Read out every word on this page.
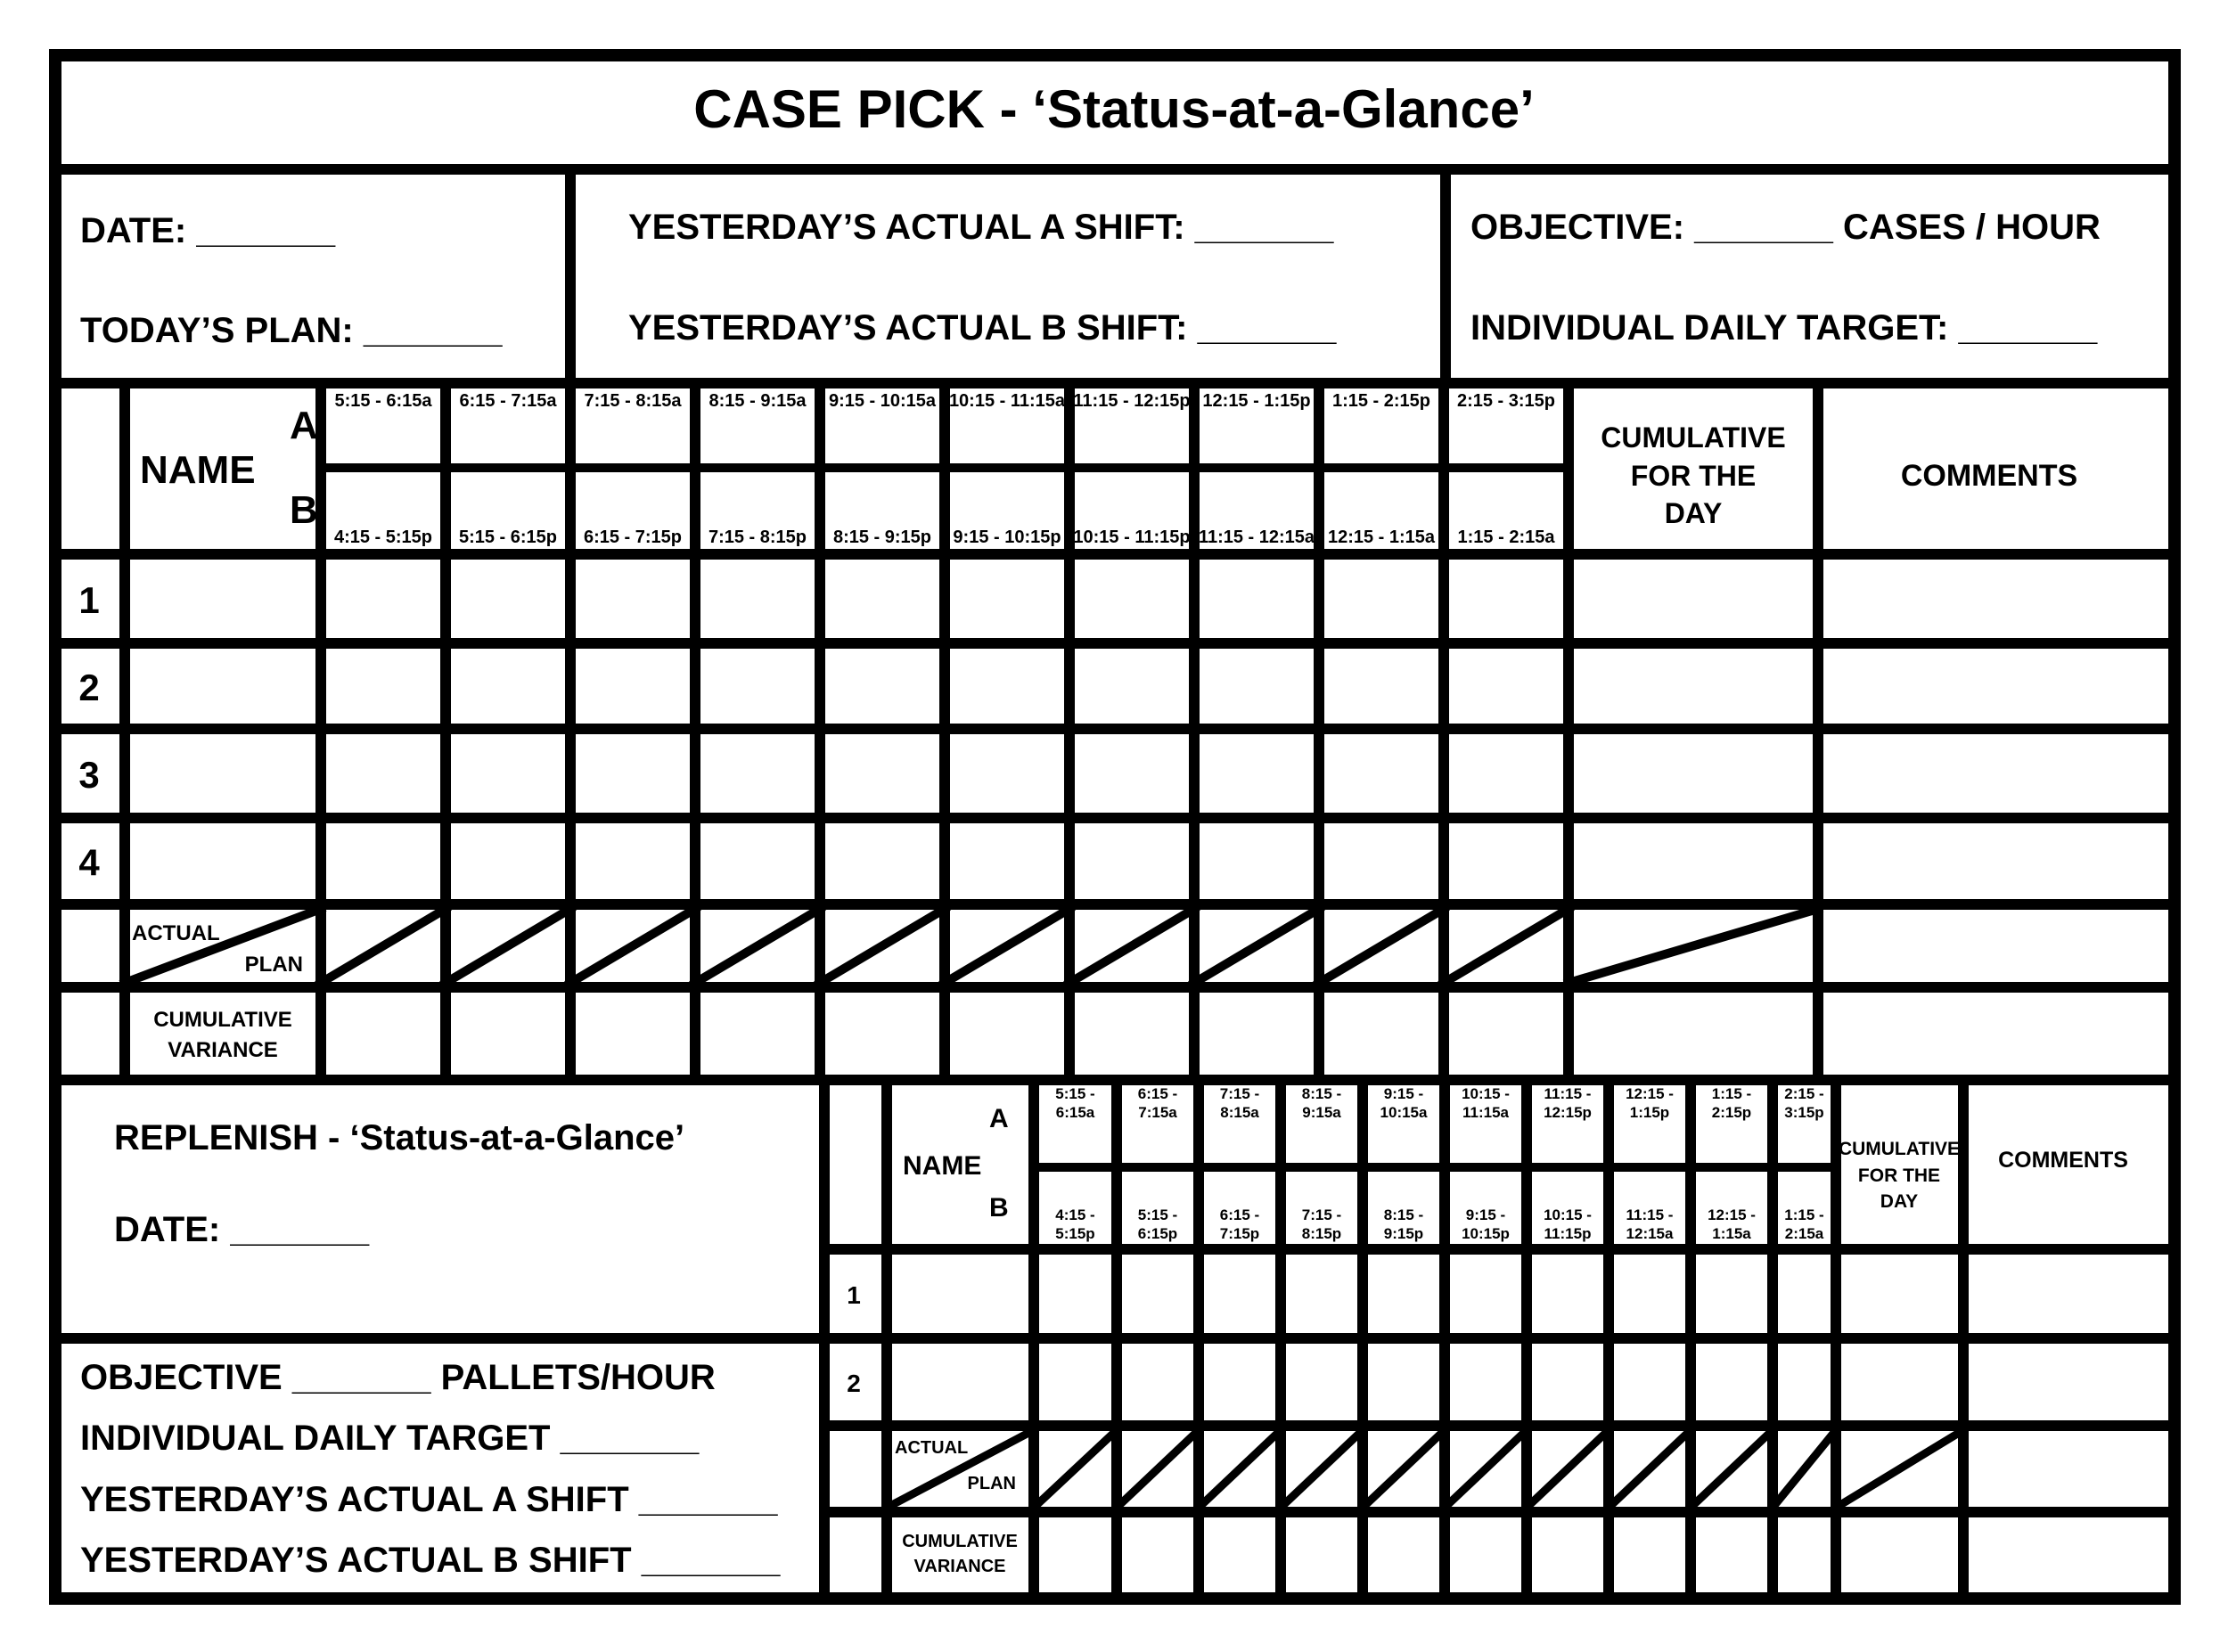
CASE PICK - ‘Status-at-a-Glance’
DATE: _______
TODAY’S PLAN: _______
YESTERDAY’S ACTUAL A SHIFT: _______
YESTERDAY’S ACTUAL B SHIFT: _______
OBJECTIVE: _______ CASES / HOUR
INDIVIDUAL DAILY TARGET: _______
NAME
A
B
COMMENTS
REPLENISH - ‘Status-at-a-Glance’
DATE: _______
OBJECTIVE _______ PALLETS/HOUR
INDIVIDUAL DAILY TARGET _______
YESTERDAY’S ACTUAL A SHIFT _______
YESTERDAY’S ACTUAL B SHIFT _______
NAME
A
B
COMMENTS
5:15 - 6:15a
4:15 - 5:15p
6:15 - 7:15a
5:15 - 6:15p
7:15 - 8:15a
6:15 - 7:15p
8:15 - 9:15a
7:15 - 8:15p
9:15 - 10:15a
8:15 - 9:15p
10:15 - 11:15a
9:15 - 10:15p
11:15 - 12:15p
10:15 - 11:15p
12:15 - 1:15p
11:15 - 12:15a
1:15 - 2:15p
12:15 - 1:15a
2:15 - 3:15p
1:15 - 2:15a
CUMULATIVE
FOR THE
DAY
1
2
3
4
ACTUAL
PLAN
CUMULATIVE
VARIANCE
5:15 -
6:15a
4:15 -
5:15p
6:15 -
7:15a
5:15 -
6:15p
7:15 -
8:15a
6:15 -
7:15p
8:15 -
9:15a
7:15 -
8:15p
9:15 -
10:15a
8:15 -
9:15p
10:15 -
11:15a
9:15 -
10:15p
11:15 -
12:15p
10:15 -
11:15p
12:15 -
1:15p
11:15 -
12:15a
1:15 -
2:15p
12:15 -
1:15a
2:15 -
3:15p
1:15 -
2:15a
CUMULATIVE
FOR THE
DAY
1
2
ACTUAL
PLAN
CUMULATIVE
VARIANCE
